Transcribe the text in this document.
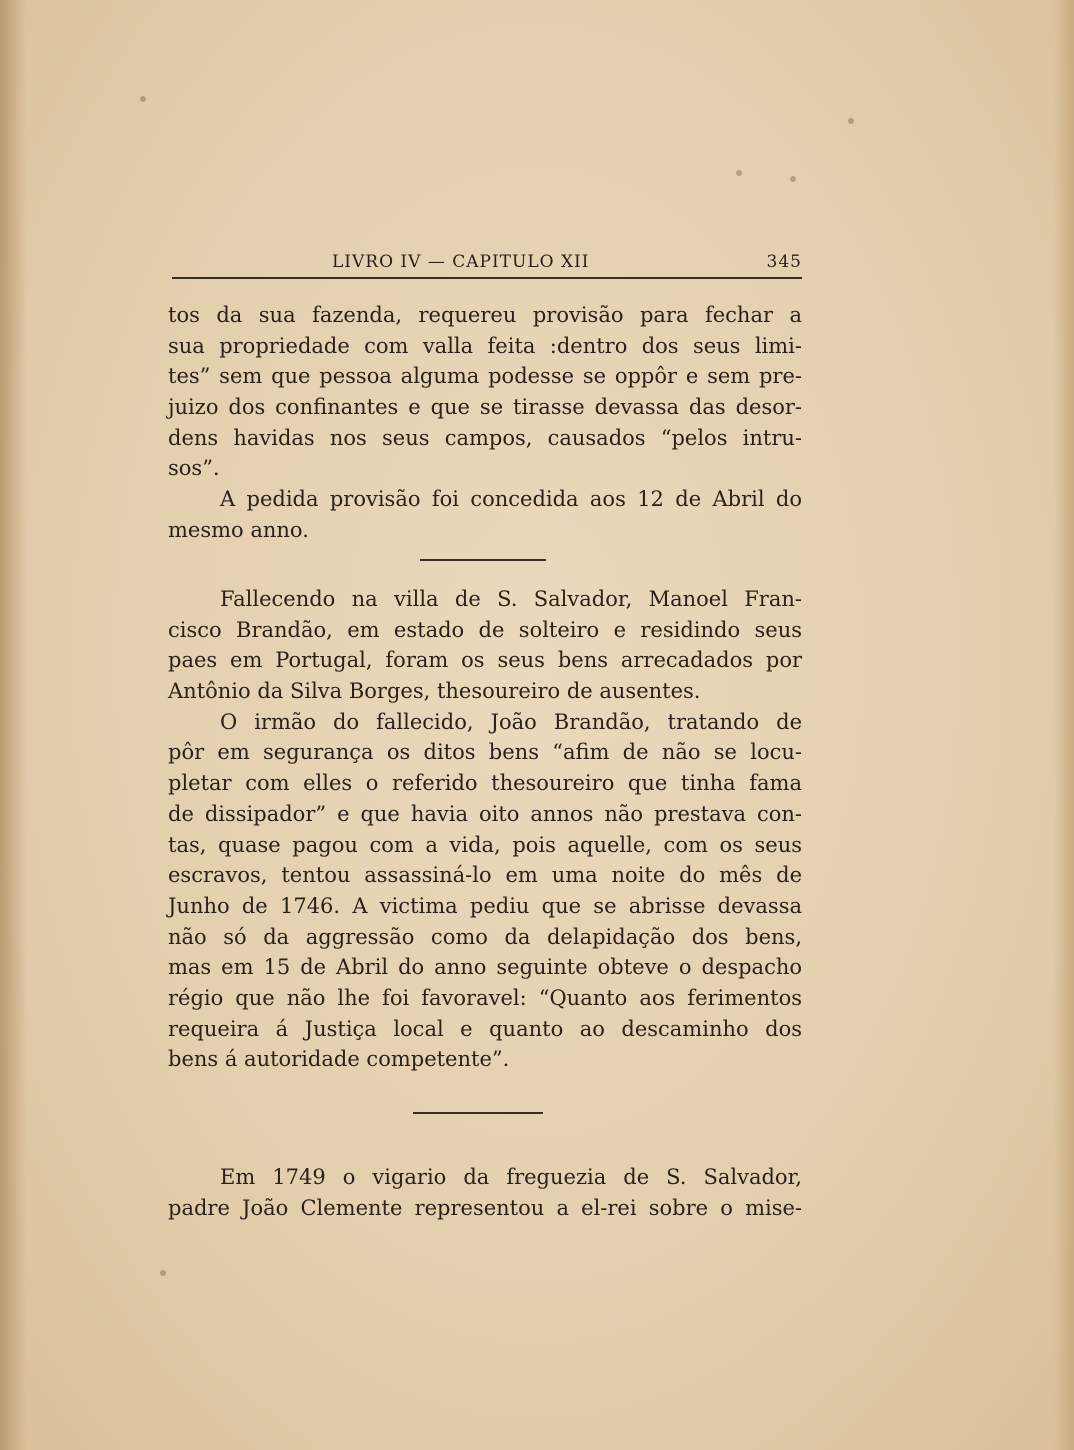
LIVRO IV — CAPITULO XII	345
tos da sua fazenda, requereu provisão para fechar a
sua propriedade com valla feita :dentro dos seus limi-
tes” sem que pessoa alguma podesse se oppôr e sem pre-
juizo dos confinantes e que se tirasse devassa das desor-
dens havidas nos seus campos, causados “pelos intru-
sos”.
A pedida provisão foi concedida aos 12 de Abril do
mesmo anno.
Fallecendo na villa de S. Salvador, Manoel Fran-
cisco Brandão, em estado de solteiro e residindo seus
paes em Portugal, foram os seus bens arrecadados por
Antônio da Silva Borges, thesoureiro de ausentes.
O irmão do fallecido, João Brandão, tratando de
pôr em segurança os ditos bens “afim de não se locu-
pletar com elles o referido thesoureiro que tinha fama
de dissipador” e que havia oito annos não prestava con-
tas, quase pagou com a vida, pois aquelle, com os seus
escravos, tentou assassiná-lo em uma noite do mês de
Junho de 1746. A victima pediu que se abrisse devassa
não só da aggressão como da delapidação dos bens,
mas em 15 de Abril do anno seguinte obteve o despacho
régio que não lhe foi favoravel: “Quanto aos ferimentos
requeira á Justiça local e quanto ao descaminho dos
bens á autoridade competente”.
Em 1749 o vigario da freguezia de S. Salvador,
padre João Clemente representou a el-rei sobre o mise-
